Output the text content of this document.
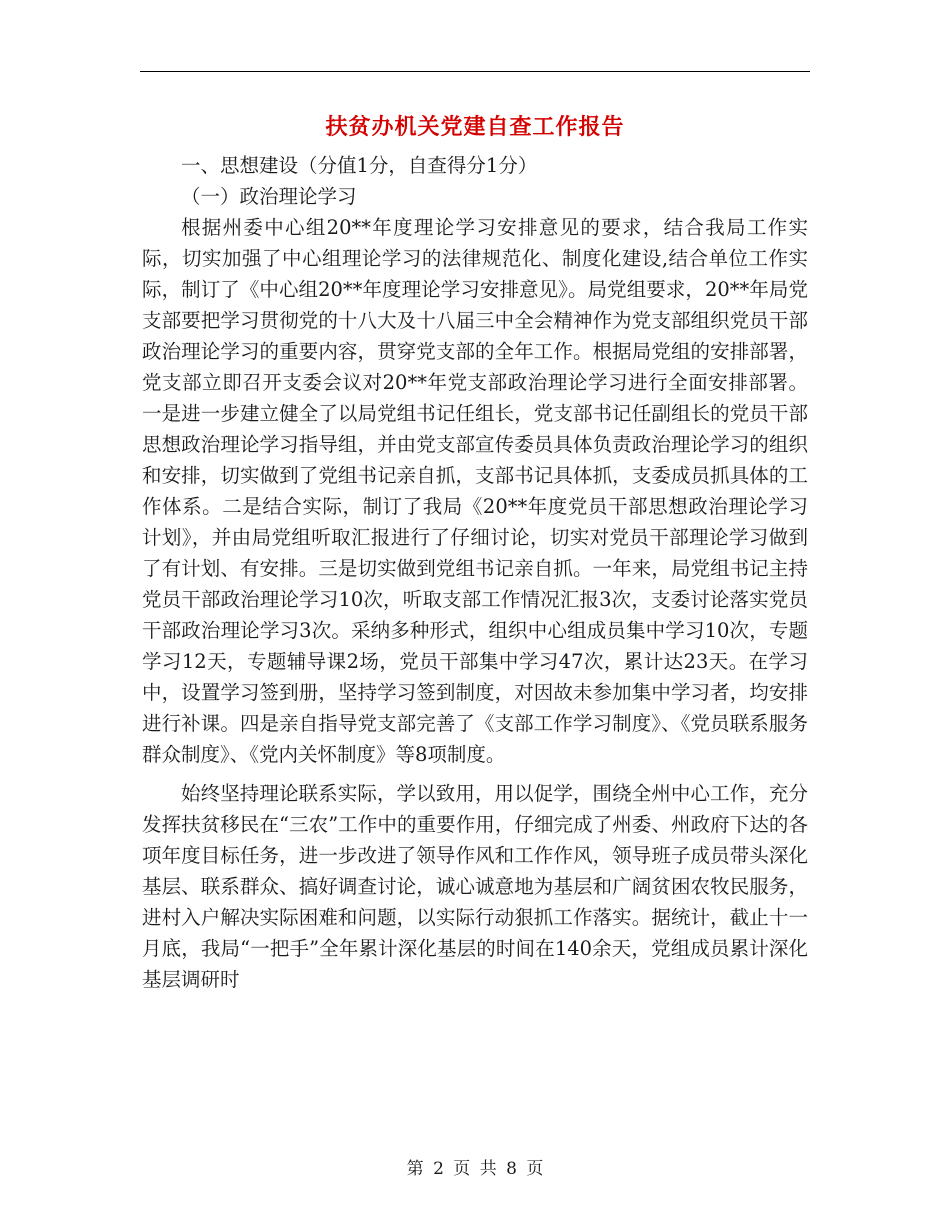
扶贫办机关党建自查工作报告

一、思想建设（分值1分，自查得分1分）

（一）政治理论学习

根据州委中心组20**年度理论学习安排意见的要求，结合我局工作实际，切实加强了中心组理论学习的法律规范化、制度化建设,结合单位工作实际，制订了《中心组20**年度理论学习安排意见》。局党组要求，20**年局党支部要把学习贯彻党的十八大及十八届三中全会精神作为党支部组织党员干部政治理论学习的重要内容，贯穿党支部的全年工作。根据局党组的安排部署，党支部立即召开支委会议对20**年党支部政治理论学习进行全面安排部署。一是进一步建立健全了以局党组书记任组长，党支部书记任副组长的党员干部思想政治理论学习指导组，并由党支部宣传委员具体负责政治理论学习的组织和安排，切实做到了党组书记亲自抓，支部书记具体抓，支委成员抓具体的工作体系。二是结合实际，制订了我局《20**年度党员干部思想政治理论学习计划》，并由局党组听取汇报进行了仔细讨论，切实对党员干部理论学习做到了有计划、有安排。三是切实做到党组书记亲自抓。一年来，局党组书记主持党员干部政治理论学习10次，听取支部工作情况汇报3次，支委讨论落实党员干部政治理论学习3次。采纳多种形式，组织中心组成员集中学习10次，专题学习12天，专题辅导课2场，党员干部集中学习47次，累计达23天。在学习中，设置学习签到册，坚持学习签到制度，对因故未参加集中学习者，均安排进行补课。四是亲自指导党支部完善了《支部工作学习制度》、《党员联系服务群众制度》、《党内关怀制度》等8项制度。

始终坚持理论联系实际，学以致用，用以促学，围绕全州中心工作，充分发挥扶贫移民在“三农”工作中的重要作用，仔细完成了州委、州政府下达的各项年度目标任务，进一步改进了领导作风和工作作风，领导班子成员带头深化基层、联系群众、搞好调查讨论，诚心诚意地为基层和广阔贫困农牧民服务，进村入户解决实际困难和问题，以实际行动狠抓工作落实。据统计，截止十一月底，我局“一把手”全年累计深化基层的时间在140余天，党组成员累计深化基层调研时

第 2 页 共 8 页
